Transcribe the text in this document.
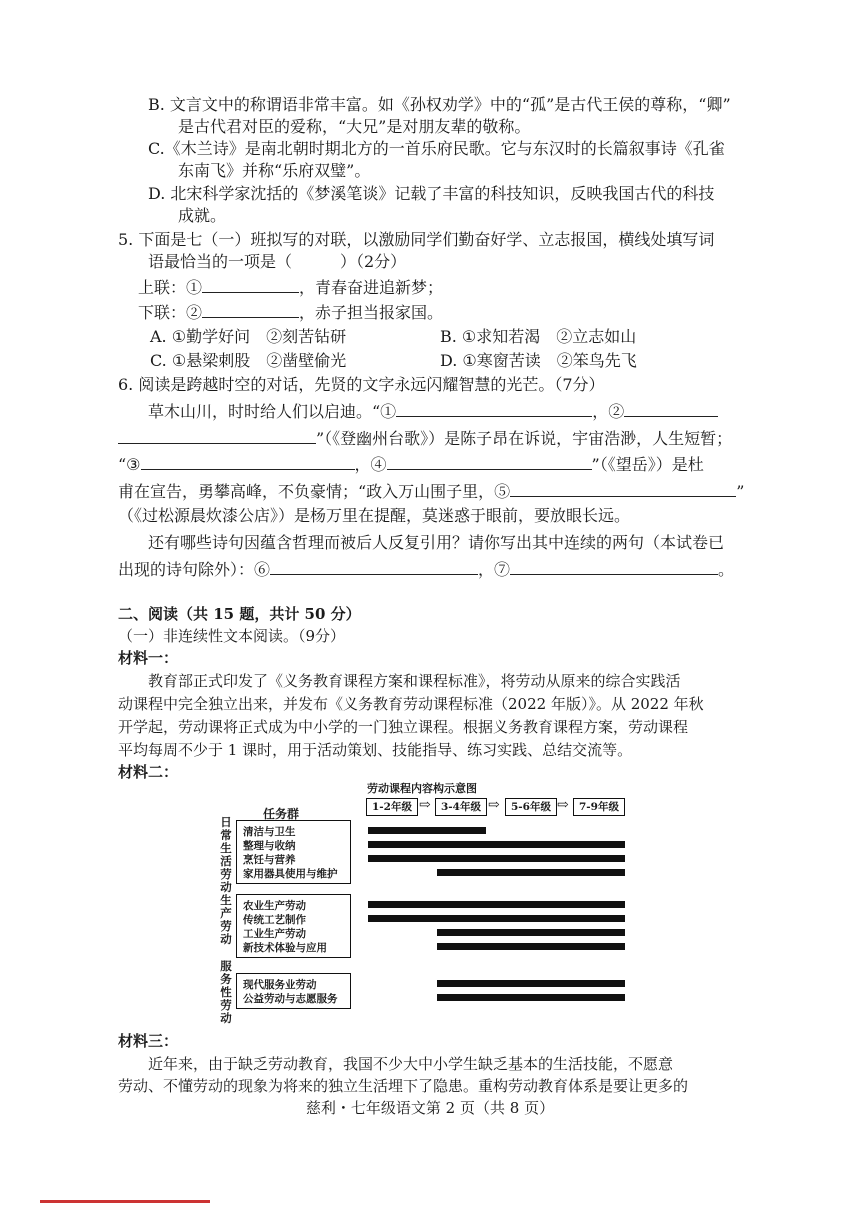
B. 文言文中的称谓语非常丰富。如《孙权劝学》中的“孤”是古代王侯的尊称，“卿”
是古代君对臣的爱称，“大兄”是对朋友辈的敬称。
C.《木兰诗》是南北朝时期北方的一首乐府民歌。它与东汉时的长篇叙事诗《孔雀
东南飞》并称“乐府双璧”。
D. 北宋科学家沈括的《梦溪笔谈》记载了丰富的科技知识，反映我国古代的科技
成就。
5. 下面是七（一）班拟写的对联，以激励同学们勤奋好学、立志报国，横线处填写词
语最恰当的一项是（　　　）（2分）
上联：①	，青春奋进追新梦；
下联：②	，赤子担当报家国。
A. ①勤学好问　②刻苦钻研	B. ①求知若渴　②立志如山
C. ①悬梁刺股　②凿壁偷光	D. ①寒窗苦读　②笨鸟先飞
6. 阅读是跨越时空的对话，先贤的文字永远闪耀智慧的光芒。（7分）
草木山川，时时给人们以启迪。“①	，②
”（《登幽州台歌》）是陈子昂在诉说，宇宙浩渺，人生短暂；
“③	，④	”（《望岳》）是杜
甫在宣告，勇攀高峰，不负豪情；“政入万山围子里，⑤	”
（《过松源晨炊漆公店》）是杨万里在提醒，莫迷惑于眼前，要放眼长远。
还有哪些诗句因蕴含哲理而被后人反复引用？请你写出其中连续的两句（本试卷已
出现的诗句除外）：⑥	，⑦	。
二、阅读（共 15 题，共计 50 分）
（一）非连续性文本阅读。（9分）
材料一：
教育部正式印发了《义务教育课程方案和课程标准》，将劳动从原来的综合实践活
动课程中完全独立出来，并发布《义务教育劳动课程标准（2022 年版）》。从 2022 年秋
开学起，劳动课将正式成为中小学的一门独立课程。根据义务教育课程方案，劳动课程
平均每周不少于 1 课时，用于活动策划、技能指导、练习实践、总结交流等。
材料二：
劳动课程内容构示意图
1-2年级 ⇨ 3-4年级 ⇨	5-6年级 ⇨ 7-9年级
任务群
日常生活劳动
清洁与卫生
整理与收纳
烹饪与营养
家用器具使用与维护
生产劳动
农业生产劳动
传统工艺制作
工业生产劳动
新技术体验与应用
服务性劳动
现代服务业劳动
公益劳动与志愿服务
材料三：
近年来，由于缺乏劳动教育，我国不少大中小学生缺乏基本的生活技能，不愿意
劳动、不懂劳动的现象为将来的独立生活埋下了隐患。重构劳动教育体系是要让更多的
慈利・七年级语文第 2 页（共 8 页）
